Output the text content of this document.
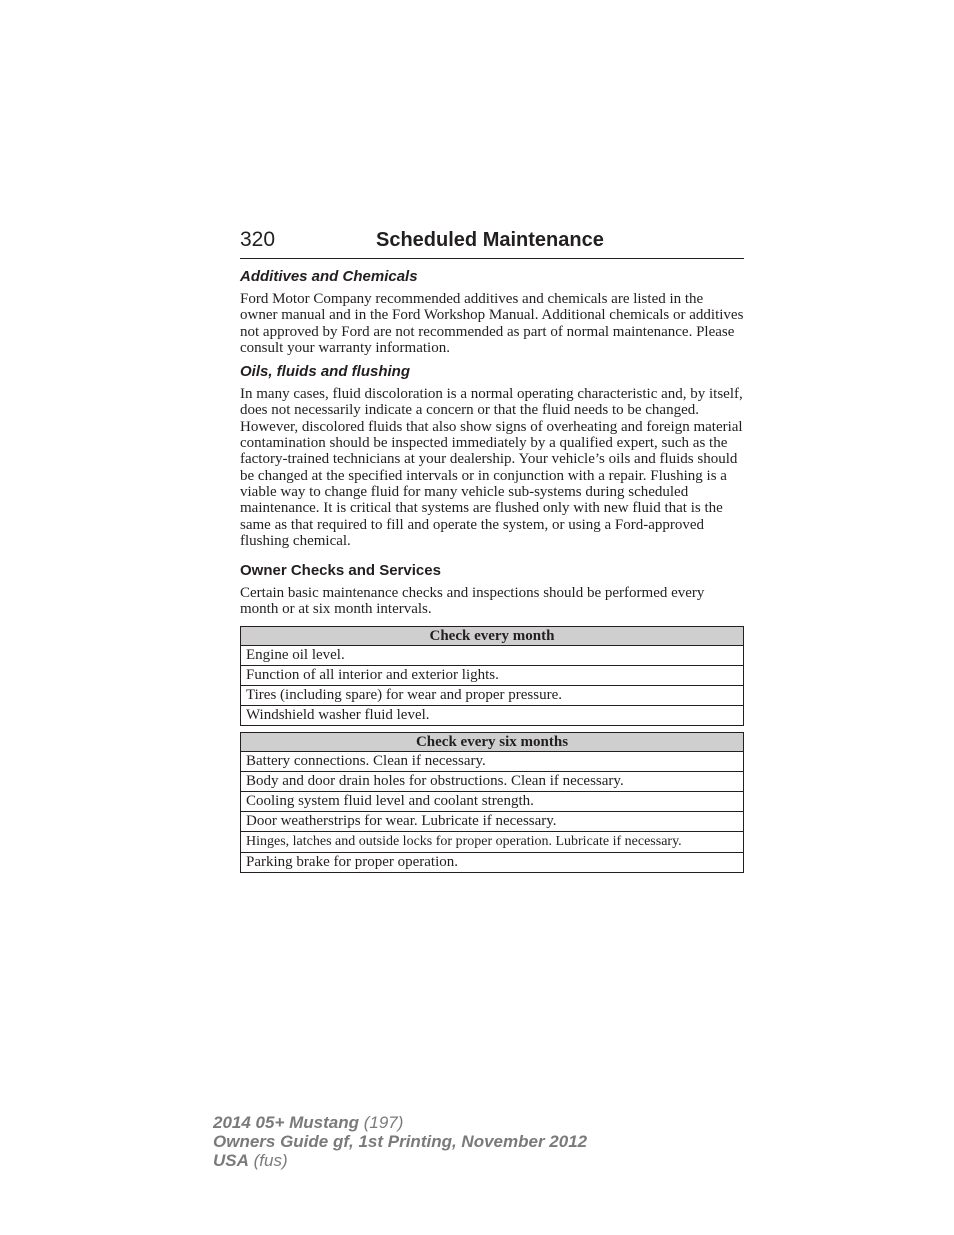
320	Scheduled Maintenance
Additives and Chemicals

Ford Motor Company recommended additives and chemicals are listed in the owner manual and in the Ford Workshop Manual. Additional chemicals or additives not approved by Ford are not recommended as part of normal maintenance. Please consult your warranty information.

Oils, fluids and flushing

In many cases, fluid discoloration is a normal operating characteristic and, by itself, does not necessarily indicate a concern or that the fluid needs to be changed. However, discolored fluids that also show signs of overheating and foreign material contamination should be inspected immediately by a qualified expert, such as the factory-trained technicians at your dealership. Your vehicle’s oils and fluids should be changed at the specified intervals or in conjunction with a repair. Flushing is a viable way to change fluid for many vehicle sub-systems during scheduled maintenance. It is critical that systems are flushed only with new fluid that is the same as that required to fill and operate the system, or using a Ford-approved flushing chemical.

Owner Checks and Services

Certain basic maintenance checks and inspections should be performed every month or at six month intervals.

Check every month
Engine oil level.
Function of all interior and exterior lights.
Tires (including spare) for wear and proper pressure.
Windshield washer fluid level.
Check every six months
Battery connections. Clean if necessary.
Body and door drain holes for obstructions. Clean if necessary.
Cooling system fluid level and coolant strength.
Door weatherstrips for wear. Lubricate if necessary.
Hinges, latches and outside locks for proper operation. Lubricate if necessary.
Parking brake for proper operation.
2014 05+ Mustang (197)
Owners Guide gf, 1st Printing, November 2012
USA (fus)
